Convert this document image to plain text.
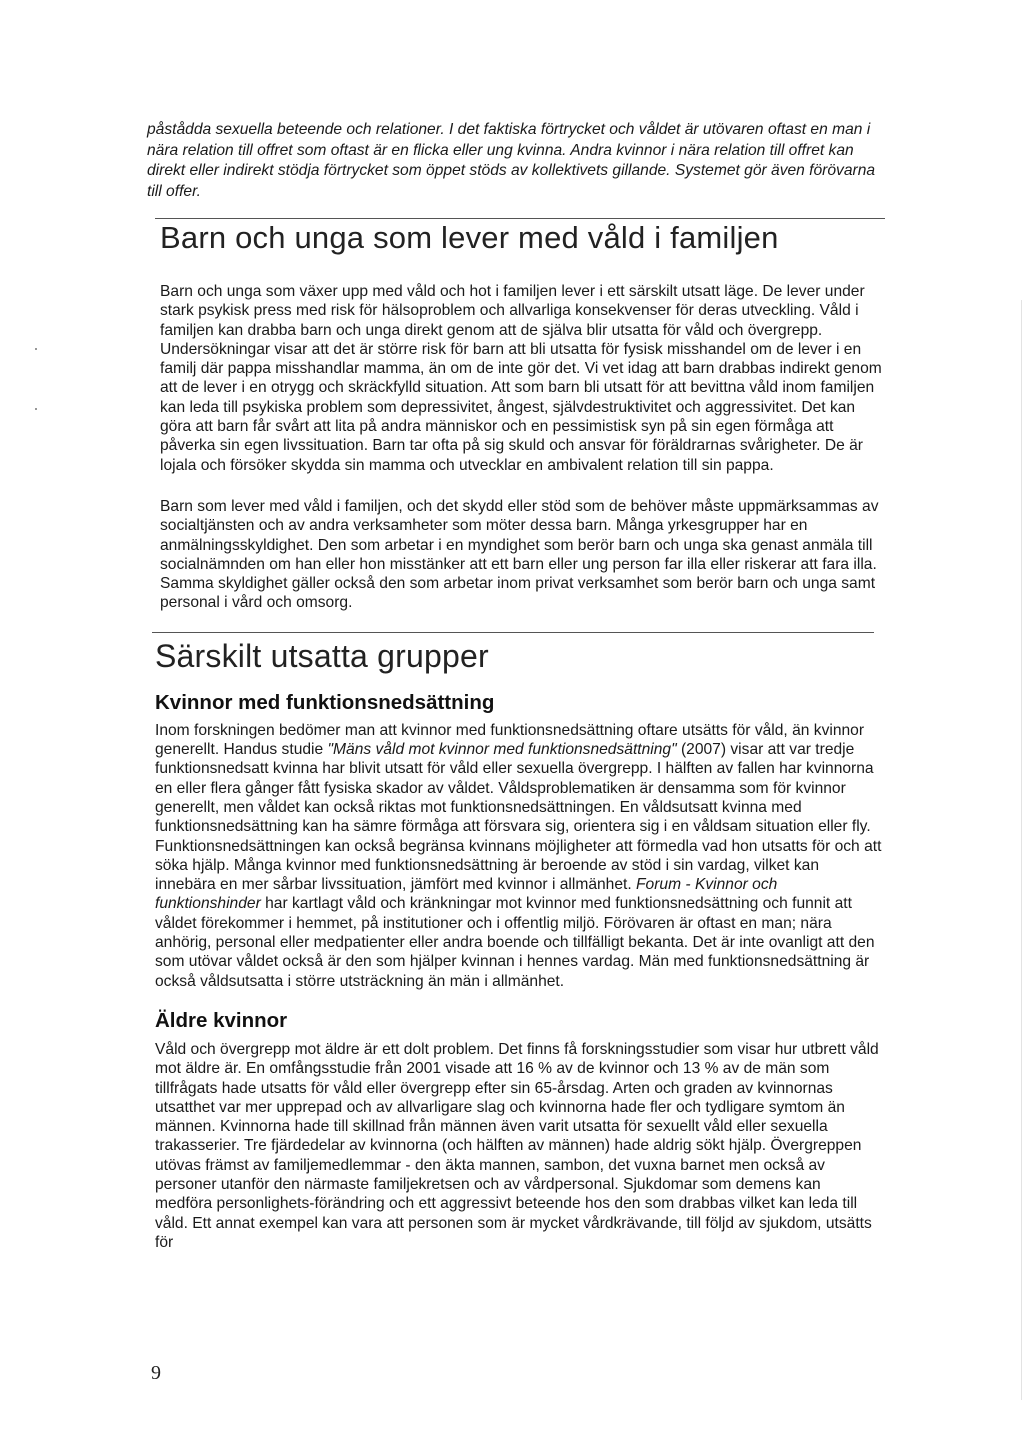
påstådda sexuella beteende och relationer. I det faktiska förtrycket och våldet är utövaren oftast en man i nära relation till offret som oftast är en flicka eller ung kvinna. Andra kvinnor i nära relation till offret kan direkt eller indirekt stödja förtrycket som öppet stöds av kollektivets gillande. Systemet gör även förövarna till offer.

Barn och unga som lever med våld i familjen

Barn och unga som växer upp med våld och hot i familjen lever i ett särskilt utsatt läge. De lever under stark psykisk press med risk för hälsoproblem och allvarliga konsekvenser för deras utveckling. Våld i familjen kan drabba barn och unga direkt genom att de själva blir utsatta för våld och övergrepp. Undersökningar visar att det är större risk för barn att bli utsatta för fysisk misshandel om de lever i en familj där pappa misshandlar mamma, än om de inte gör det. Vi vet idag att barn drabbas indirekt genom att de lever i en otrygg och skräckfylld situation. Att som barn bli utsatt för att bevittna våld inom familjen kan leda till psykiska problem som depressivitet, ångest, självdestruktivitet och aggressivitet. Det kan göra att barn får svårt att lita på andra människor och en pessimistisk syn på sin egen förmåga att påverka sin egen livssituation. Barn tar ofta på sig skuld och ansvar för föräldrarnas svårigheter. De är lojala och försöker skydda sin mamma och utvecklar en ambivalent relation till sin pappa.

Barn som lever med våld i familjen, och det skydd eller stöd som de behöver måste uppmärksammas av socialtjänsten och av andra verksamheter som möter dessa barn. Många yrkesgrupper har en anmälningsskyldighet. Den som arbetar i en myndighet som berör barn och unga ska genast anmäla till socialnämnden om han eller hon misstänker att ett barn eller ung person far illa eller riskerar att fara illa. Samma skyldighet gäller också den som arbetar inom privat verksamhet som berör barn och unga samt personal i vård och omsorg.

Särskilt utsatta grupper
Kvinnor med funktionsnedsättning

Inom forskningen bedömer man att kvinnor med funktionsnedsättning oftare utsätts för våld, än kvinnor generellt. Handus studie "Mäns våld mot kvinnor med funktionsnedsättning" (2007) visar att var tredje funktionsnedsatt kvinna har blivit utsatt för våld eller sexuella övergrepp. I hälften av fallen har kvinnorna en eller flera gånger fått fysiska skador av våldet. Våldsproblematiken är densamma som för kvinnor generellt, men våldet kan också riktas mot funktionsnedsättningen. En våldsutsatt kvinna med funktionsnedsättning kan ha sämre förmåga att försvara sig, orientera sig i en våldsam situation eller fly. Funktionsnedsättningen kan också begränsa kvinnans möjligheter att förmedla vad hon utsatts för och att söka hjälp. Många kvinnor med funktionsnedsättning är beroende av stöd i sin vardag, vilket kan innebära en mer sårbar livssituation, jämfört med kvinnor i allmänhet. Forum - Kvinnor och funktionshinder har kartlagt våld och kränkningar mot kvinnor med funktionsnedsättning och funnit att våldet förekommer i hemmet, på institutioner och i offentlig miljö. Förövaren är oftast en man; nära anhörig, personal eller medpatienter eller andra boende och tillfälligt bekanta. Det är inte ovanligt att den som utövar våldet också är den som hjälper kvinnan i hennes vardag. Män med funktionsnedsättning är också våldsutsatta i större utsträckning än män i allmänhet.

Äldre kvinnor

Våld och övergrepp mot äldre är ett dolt problem. Det finns få forskningsstudier som visar hur utbrett våld mot äldre är. En omfångsstudie från 2001 visade att 16 % av de kvinnor och 13 % av de män som tillfrågats hade utsatts för våld eller övergrepp efter sin 65-årsdag. Arten och graden av kvinnornas utsatthet var mer upprepad och av allvarligare slag och kvinnorna hade fler och tydligare symtom än männen. Kvinnorna hade till skillnad från männen även varit utsatta för sexuellt våld eller sexuella trakasserier. Tre fjärdedelar av kvinnorna (och hälften av männen) hade aldrig sökt hjälp. Övergreppen utövas främst av familjemedlemmar - den äkta mannen, sambon, det vuxna barnet men också av personer utanför den närmaste familjekretsen och av vårdpersonal. Sjukdomar som demens kan medföra personlighets-förändring och ett aggressivt beteende hos den som drabbas vilket kan leda till våld. Ett annat exempel kan vara att personen som är mycket vårdkrävande, till följd av sjukdom, utsätts för

9
